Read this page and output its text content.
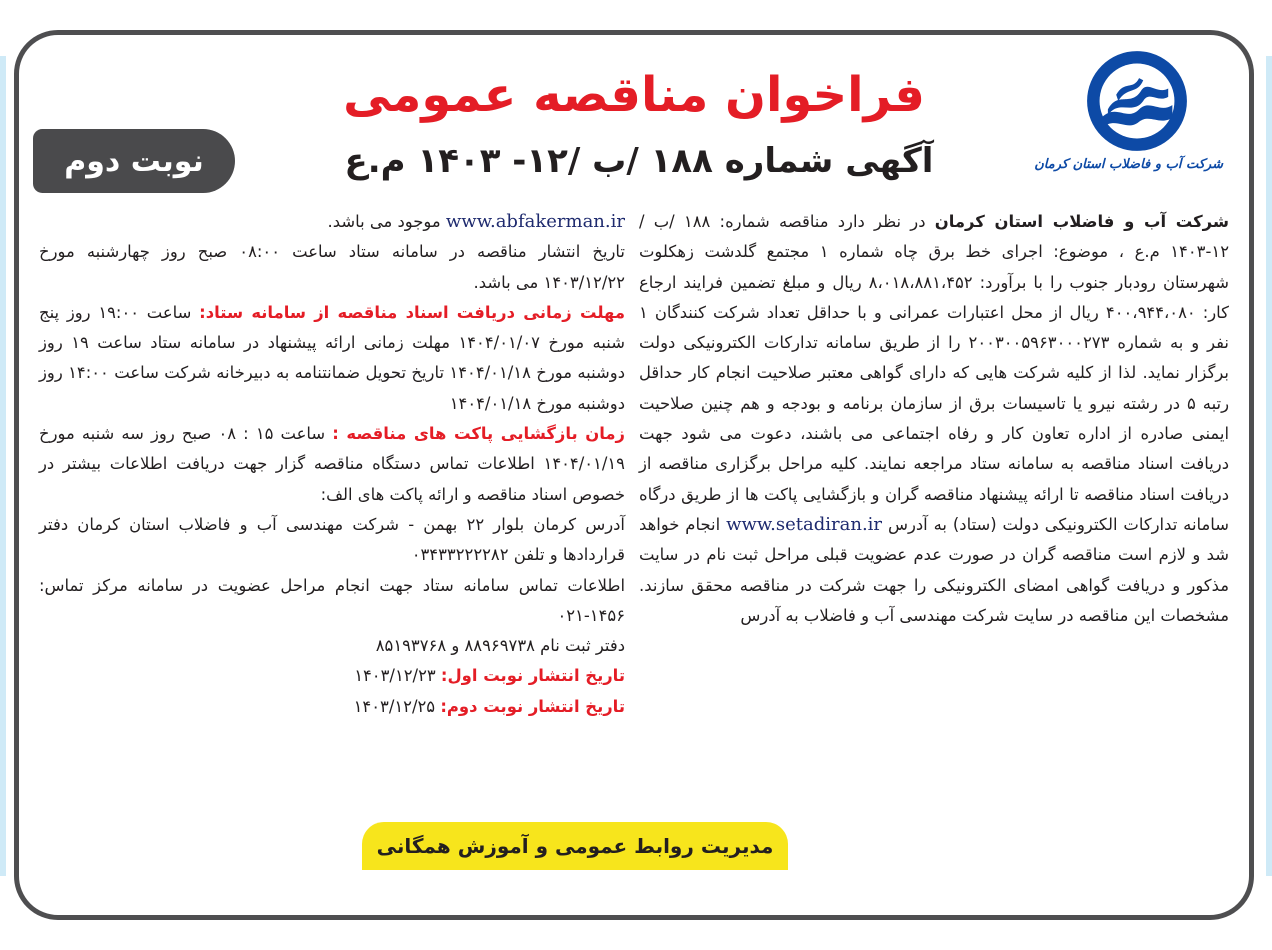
شرکت آب و فاضلاب استان کرمان
فراخوان مناقصه عمومی
آگهی شماره ۱۸۸ /ب /۱۲- ۱۴۰۳ م.ع
نوبت دوم

شرکت آب و فاضلاب استان کرمان در نظر دارد مناقصه شماره: ۱۸۸ /ب /۱۲-۱۴۰۳ م.ع ، موضوع: اجرای خط برق چاه شماره ۱ مجتمع گلدشت زهکلوت شهرستان رودبار جنوب را با برآورد: ۸،۰۱۸،۸۸۱،۴۵۲ ریال و مبلغ تضمین فرایند ارجاع کار: ۴۰۰،۹۴۴،۰۸۰ ریال از محل اعتبارات عمرانی و با حداقل تعداد شرکت کنندگان ۱ نفر و به شماره ۲۰۰۳۰۰۵۹۶۳۰۰۰۲۷۳ را از طریق سامانه تدارکات الکترونیکی دولت برگزار نماید. لذا از کلیه شرکت هایی که دارای گواهی معتبر صلاحیت انجام کار حداقل رتبه ۵ در رشته نیرو یا تاسیسات برق از سازمان برنامه و بودجه و هم چنین صلاحیت ایمنی صادره از اداره تعاون کار و رفاه اجتماعی می باشند، دعوت می شود جهت دریافت اسناد مناقصه به سامانه ستاد مراجعه نمایند. کلیه مراحل برگزاری مناقصه از دریافت اسناد مناقصه تا ارائه پیشنهاد مناقصه گران و بازگشایی پاکت ها از طریق درگاه سامانه تدارکات الکترونیکی دولت (ستاد) به آدرس www.setadiran.ir انجام خواهد شد و لازم است مناقصه گران در صورت عدم عضویت قبلی مراحل ثبت نام در سایت مذکور و دریافت گواهی امضای الکترونیکی را جهت شرکت در مناقصه محقق سازند. مشخصات این مناقصه در سایت شرکت مهندسی آب و فاضلاب به آدرس

www.abfakerman.ir موجود می باشد.

تاریخ انتشار مناقصه در سامانه ستاد ساعت ۰۸:۰۰ صبح روز چهارشنبه مورخ ۱۴۰۳/۱۲/۲۲ می باشد.

مهلت زمانی دریافت اسناد مناقصه از سامانه ستاد: ساعت ۱۹:۰۰ روز پنج شنبه مورخ ۱۴۰۴/۰۱/۰۷ مهلت زمانی ارائه پیشنهاد در سامانه ستاد ساعت ۱۹ روز دوشنبه مورخ ۱۴۰۴/۰۱/۱۸ تاریخ تحویل ضمانتنامه به دبیرخانه شرکت ساعت ۱۴:۰۰ روز دوشنبه مورخ ۱۴۰۴/۰۱/۱۸

زمان بازگشایی پاکت های مناقصه : ساعت ۱۵ : ۰۸ صبح روز سه شنبه مورخ ۱۴۰۴/۰۱/۱۹ اطلاعات تماس دستگاه مناقصه گزار جهت دریافت اطلاعات بیشتر در خصوص اسناد مناقصه و ارائه پاکت های الف:

آدرس کرمان بلوار ۲۲ بهمن - شرکت مهندسی آب و فاضلاب استان کرمان دفتر قراردادها و تلفن ۰۳۴۳۳۲۲۲۲۸۲

اطلاعات تماس سامانه ستاد جهت انجام مراحل عضویت در سامانه مرکز تماس: ۱۴۵۶-۰۲۱

دفتر ثبت نام ۸۸۹۶۹۷۳۸ و ۸۵۱۹۳۷۶۸

تاریخ انتشار نوبت اول: ۱۴۰۳/۱۲/۲۳

تاریخ انتشار نوبت دوم: ۱۴۰۳/۱۲/۲۵

مدیریت روابط عمومی و آموزش همگانی
